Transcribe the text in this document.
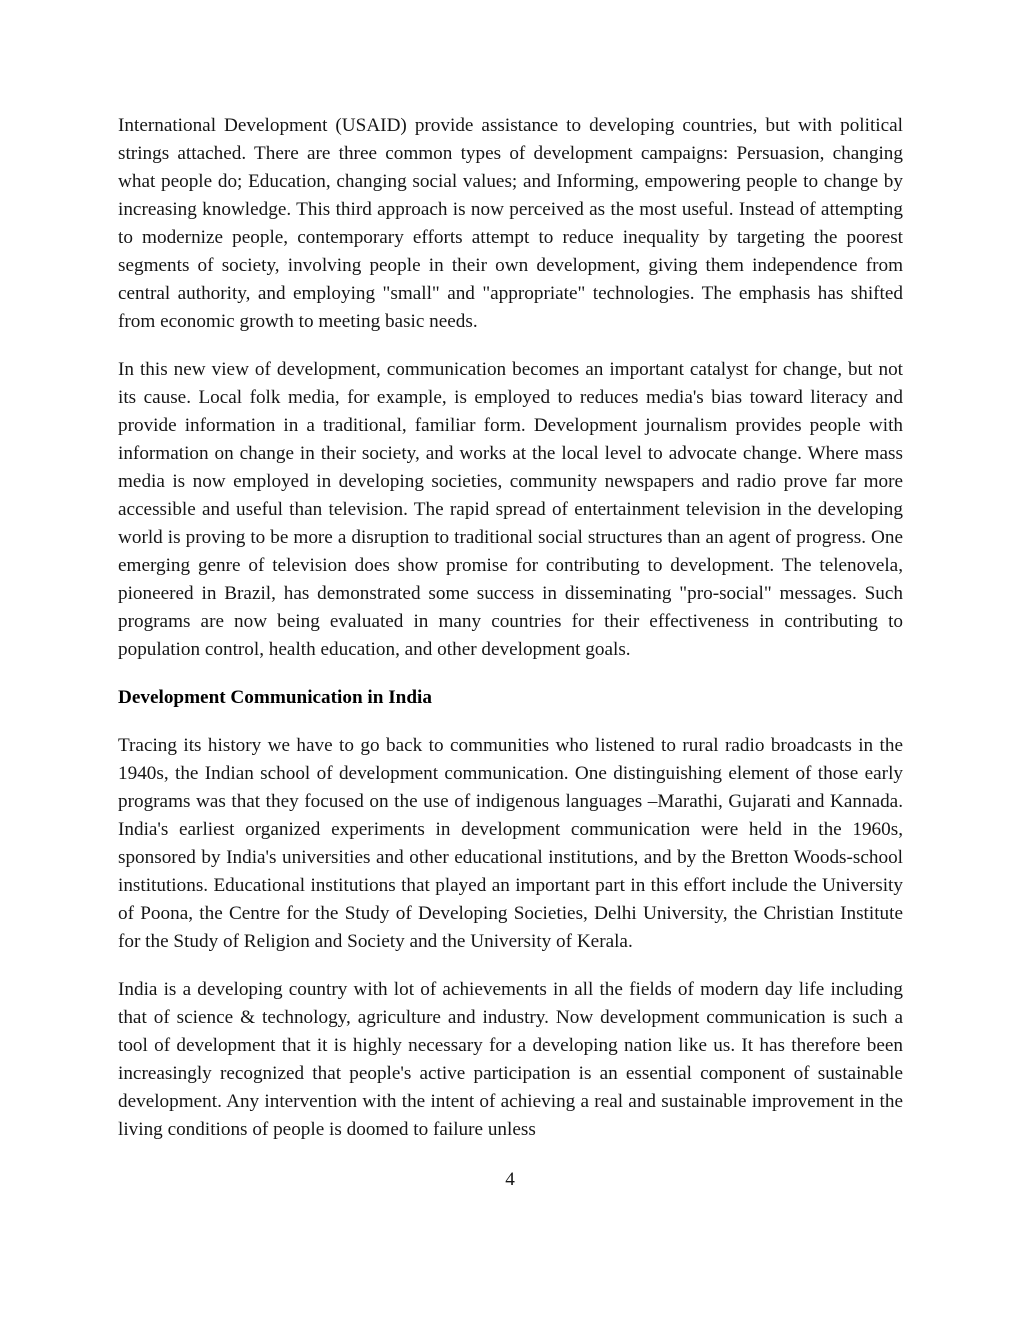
International Development (USAID) provide assistance to developing countries, but with political strings attached. There are three common types of development campaigns: Persuasion, changing what people do; Education, changing social values; and Informing, empowering people to change by increasing knowledge. This third approach is now perceived as the most useful. Instead of attempting to modernize people, contemporary efforts attempt to reduce inequality by targeting the poorest segments of society, involving people in their own development, giving them independence from central authority, and employing "small" and "appropriate" technologies. The emphasis has shifted from economic growth to meeting basic needs.

In this new view of development, communication becomes an important catalyst for change, but not its cause. Local folk media, for example, is employed to reduces media's bias toward literacy and provide information in a traditional, familiar form. Development journalism provides people with information on change in their society, and works at the local level to advocate change. Where mass media is now employed in developing societies, community newspapers and radio prove far more accessible and useful than television. The rapid spread of entertainment television in the developing world is proving to be more a disruption to traditional social structures than an agent of progress. One emerging genre of television does show promise for contributing to development. The telenovela, pioneered in Brazil, has demonstrated some success in disseminating "pro-social" messages. Such programs are now being evaluated in many countries for their effectiveness in contributing to population control, health education, and other development goals.

Development Communication in India

Tracing its history we have to go back to communities who listened to rural radio broadcasts in the 1940s, the Indian school of development communication. One distinguishing element of those early programs was that they focused on the use of indigenous languages –Marathi, Gujarati and Kannada. India's earliest organized experiments in development communication were held in the 1960s, sponsored by India's universities and other educational institutions, and by the Bretton Woods-school institutions. Educational institutions that played an important part in this effort include the University of Poona, the Centre for the Study of Developing Societies, Delhi University, the Christian Institute for the Study of Religion and Society and the University of Kerala.

India is a developing country with lot of achievements in all the fields of modern day life including that of science & technology, agriculture and industry. Now development communication is such a tool of development that it is highly necessary for a developing nation like us. It has therefore been increasingly recognized that people's active participation is an essential component of sustainable development. Any intervention with the intent of achieving a real and sustainable improvement in the living conditions of people is doomed to failure unless

4
